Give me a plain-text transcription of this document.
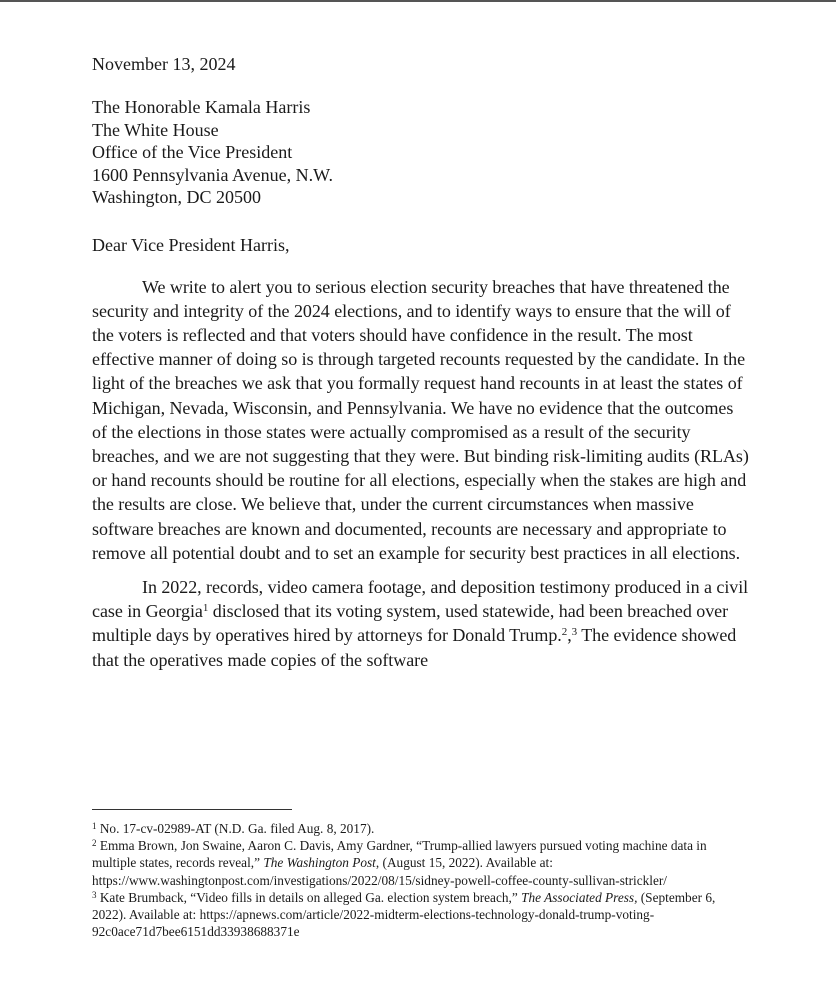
November 13, 2024

The Honorable Kamala Harris
The White House
Office of the Vice President
1600 Pennsylvania Avenue, N.W.
Washington, DC 20500

Dear Vice President Harris,

We write to alert you to serious election security breaches that have threatened the security and integrity of the 2024 elections, and to identify ways to ensure that the will of the voters is reflected and that voters should have confidence in the result. The most effective manner of doing so is through targeted recounts requested by the candidate. In the light of the breaches we ask that you formally request hand recounts in at least the states of Michigan, Nevada, Wisconsin, and Pennsylvania. We have no evidence that the outcomes of the elections in those states were actually compromised as a result of the security breaches, and we are not suggesting that they were. But binding risk-limiting audits (RLAs) or hand recounts should be routine for all elections, especially when the stakes are high and the results are close. We believe that, under the current circumstances when massive software breaches are known and documented, recounts are necessary and appropriate to remove all potential doubt and to set an example for security best practices in all elections.

In 2022, records, video camera footage, and deposition testimony produced in a civil case in Georgia$^1$ disclosed that its voting system, used statewide, had been breached over multiple days by operatives hired by attorneys for Donald Trump.$^2$,$^3$ The evidence showed that the operatives made copies of the software

$^1$ No. 17-cv-02989-AT (N.D. Ga. filed Aug. 8, 2017).

$^2$ Emma Brown, Jon Swaine, Aaron C. Davis, Amy Gardner, “Trump-allied lawyers pursued voting machine data in multiple states, records reveal,” The Washington Post, (August 15, 2022). Available at: https://www.washingtonpost.com/investigations/2022/08/15/sidney-powell-coffee-county-sullivan-strickler/

$^3$ Kate Brumback, “Video fills in details on alleged Ga. election system breach,” The Associated Press, (September 6, 2022). Available at: https://apnews.com/article/2022-midterm-elections-technology-donald-trump-voting-92c0ace71d7bee6151dd33938688371e
